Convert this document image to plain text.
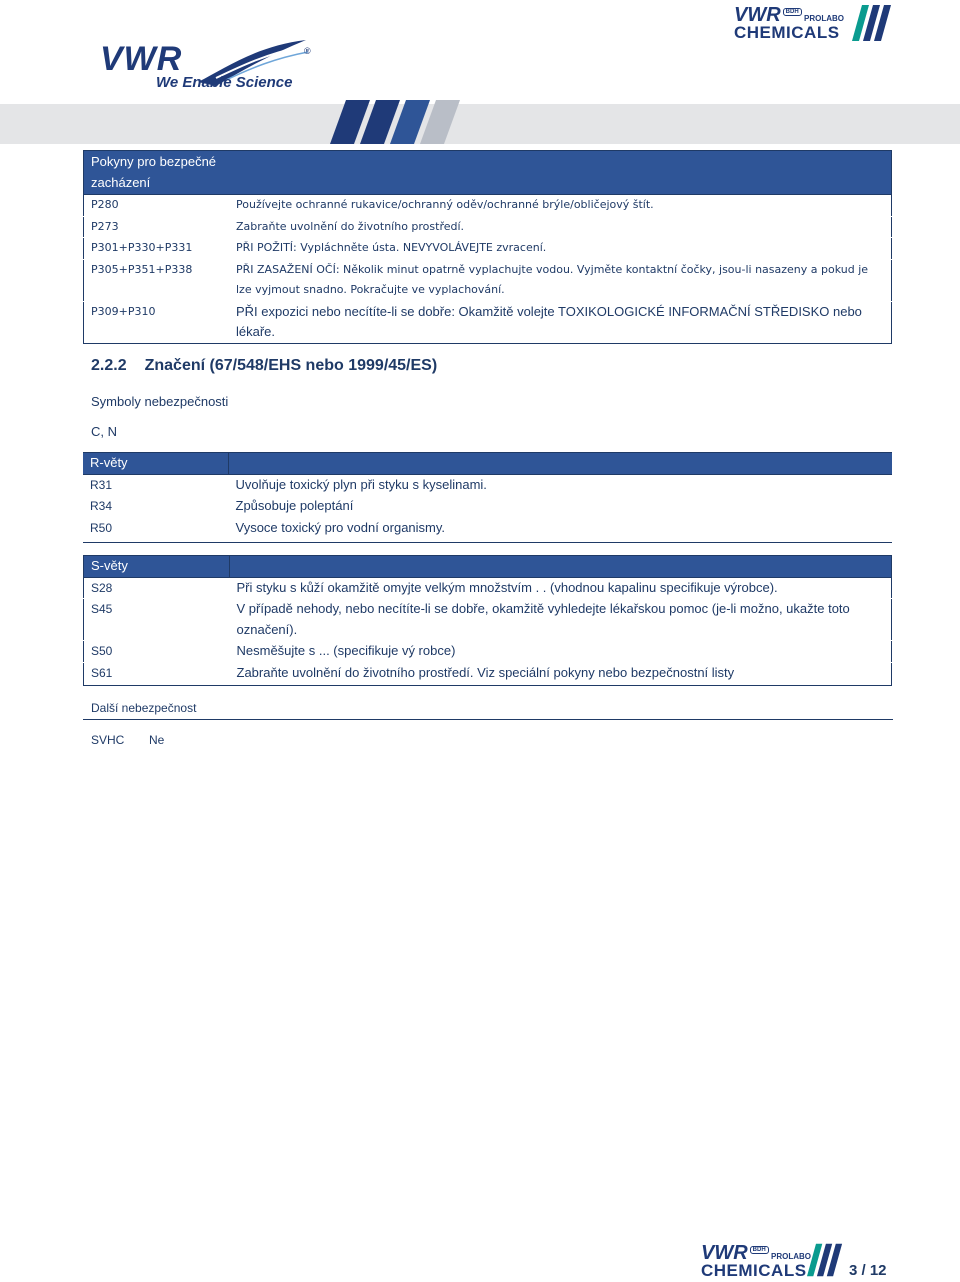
VWR	®
We Enable Science
VWR BDH

PROLABO
CHEMICALS
Pokyny pro bezpečné zacházení	
P280	Používejte ochranné rukavice/ochranný oděv/ochranné brýle/obličejový štít.
P273	Zabraňte uvolnění do životního prostředí.
P301+P330+P331	PŘI POŽITÍ: Vypláchněte ústa. NEVYVOLÁVEJTE zvracení.
P305+P351+P338	PŘI ZASAŽENÍ OČÍ: Několik minut opatrně vyplachujte vodou. Vyjměte kontaktní čočky, jsou-li nasazeny a pokud je lze vyjmout snadno. Pokračujte ve vyplachování.
P309+P310	PŘI expozici nebo necítíte-li se dobře: Okamžitě volejte TOXIKOLOGICKÉ INFORMAČNÍ STŘEDISKO nebo lékaře.
2.2.2 Značení (67/548/EHS nebo 1999/45/ES)
Symboly nebezpečnosti
C, N
R-věty	
R31	Uvolňuje toxický plyn při styku s kyselinami.
R34	Způsobuje poleptání
R50	Vysoce toxický pro vodní organismy.
S-věty	
S28	Při styku s kůží okamžitě omyjte velkým množstvím . . (vhodnou kapalinu specifikuje výrobce).
S45	V případě nehody, nebo necítíte-li se dobře, okamžitě vyhledejte lékařskou pomoc (je-li možno, ukažte toto označení).
S50	Nesměšujte s ... (specifikuje vý robce)
S61	Zabraňte uvolnění do životního prostředí. Viz speciální pokyny nebo bezpečnostní listy
Další nebezpečnost
SVHC Ne
VWR BDH
PROLABO
CHEMICALS	3 / 12
